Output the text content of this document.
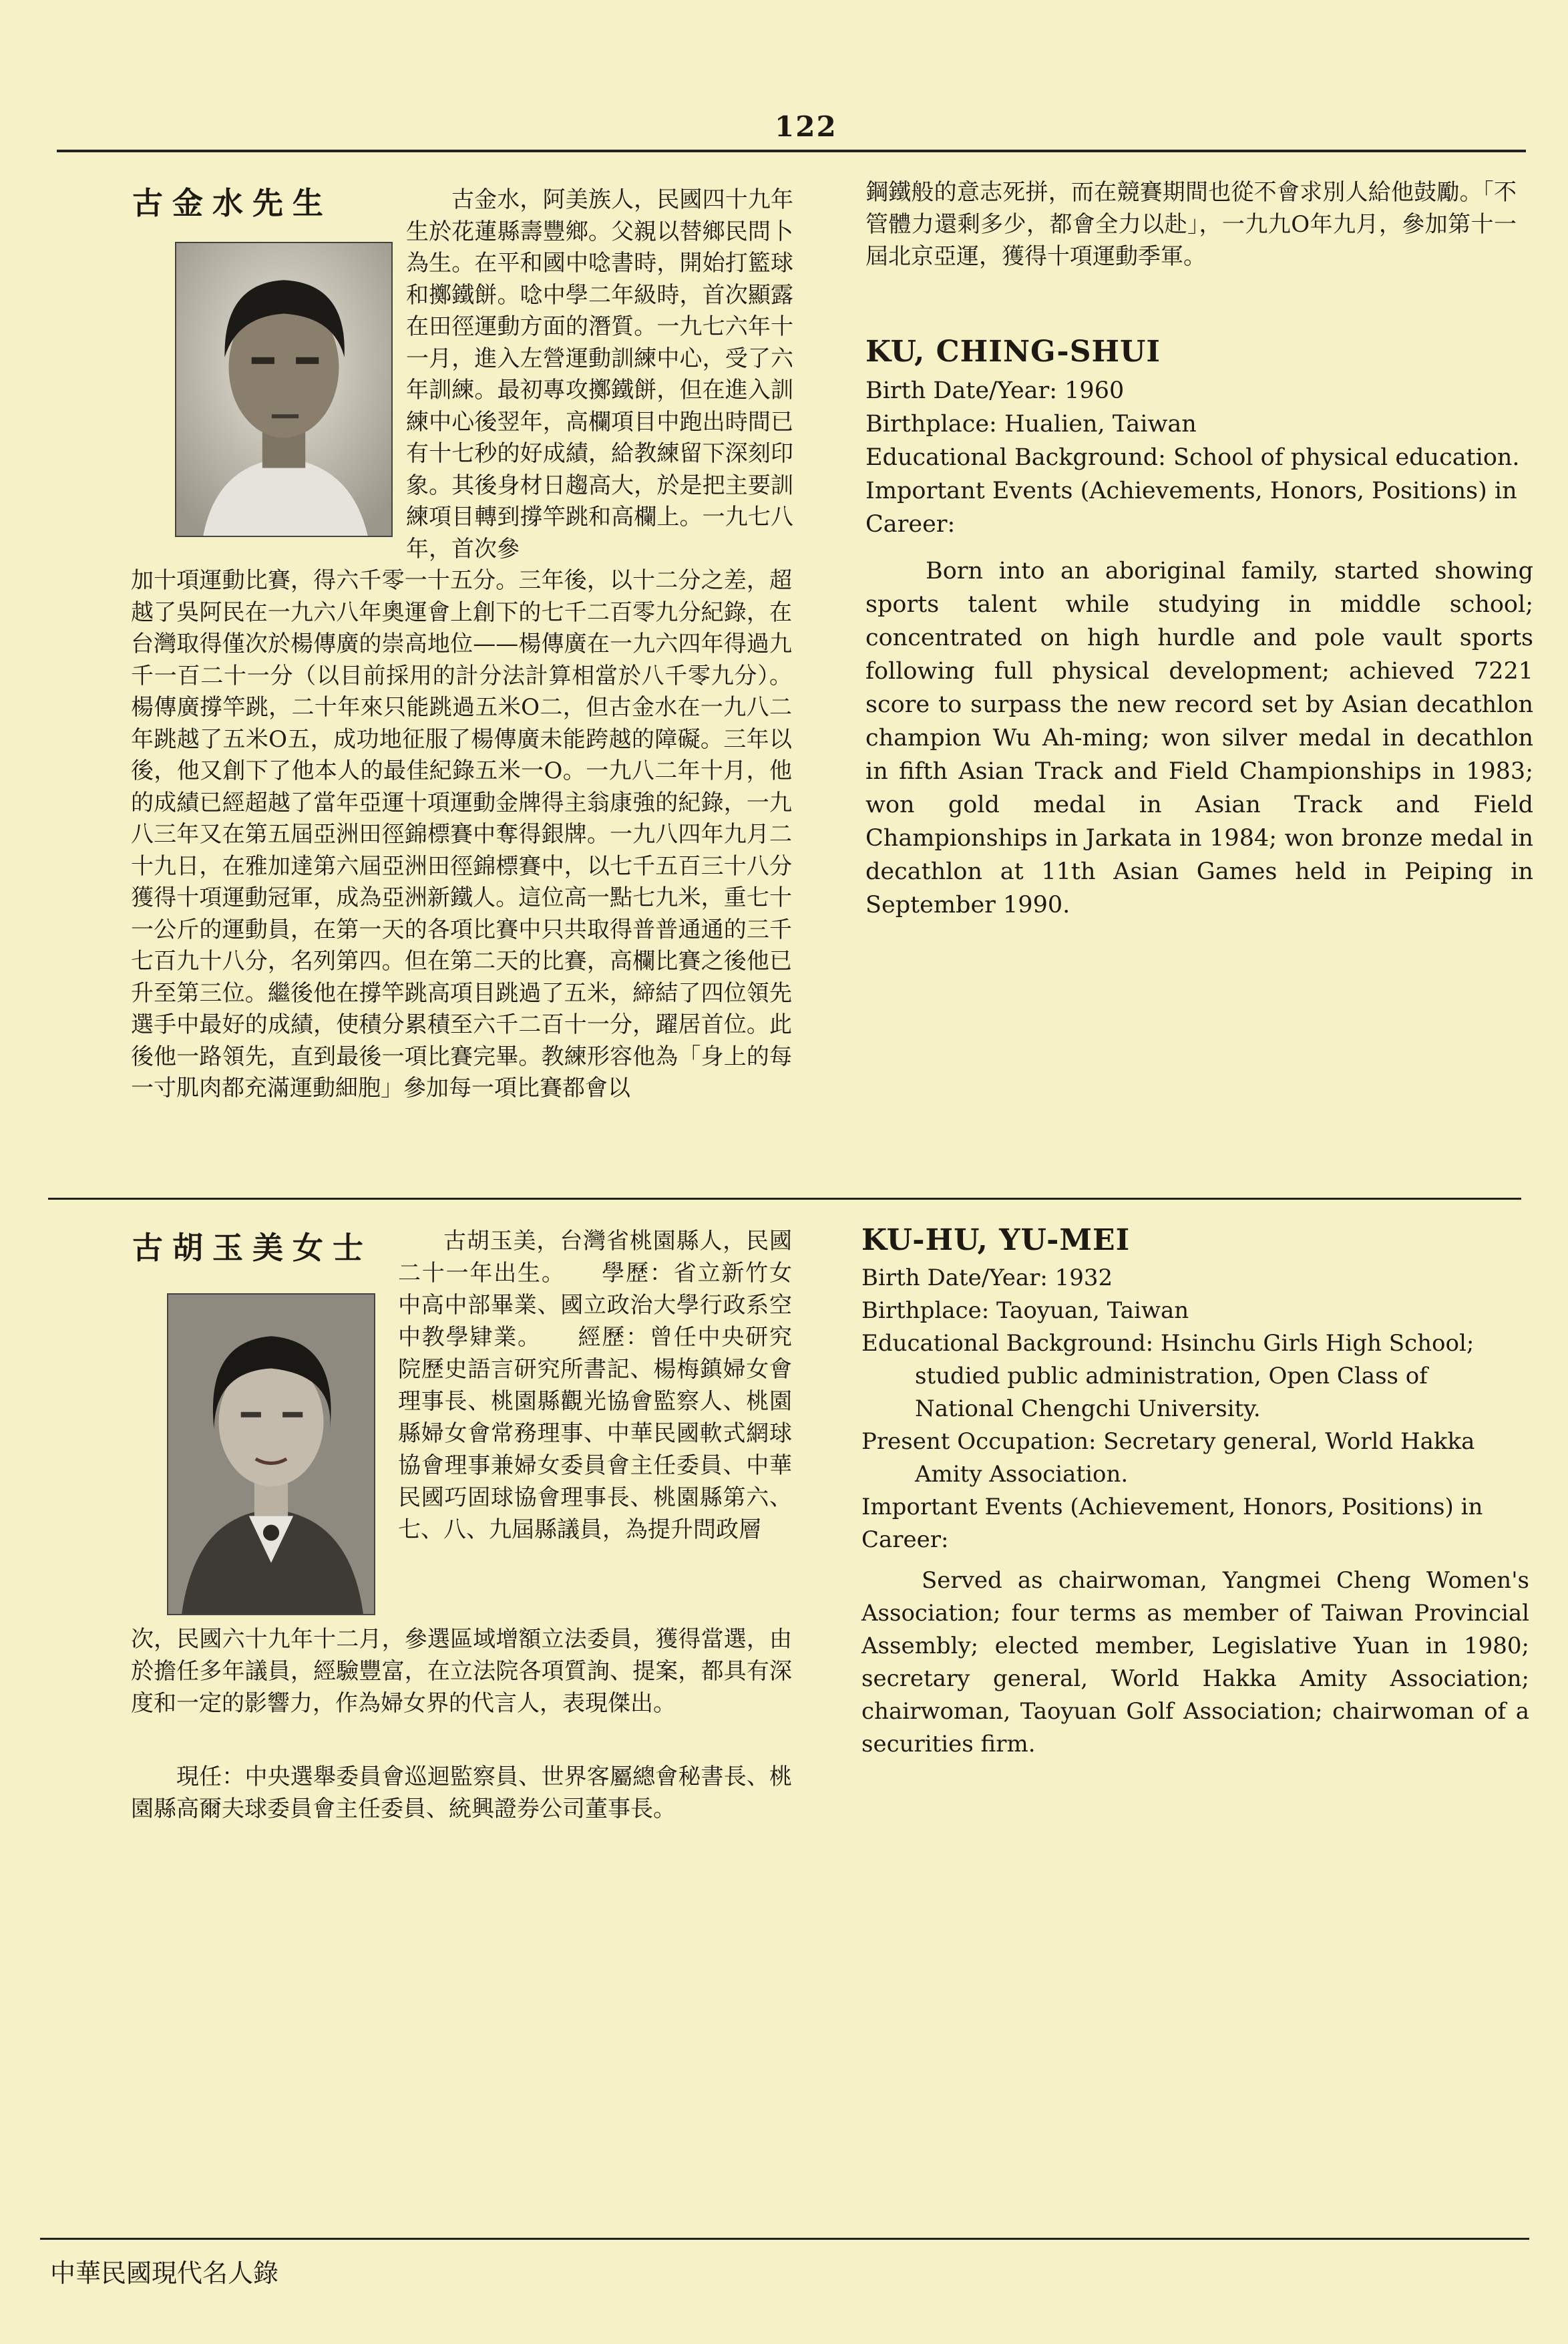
122
古金水先生	古金水，阿美族人，民國四十九年生於花蓮縣壽豐鄉。父親以替鄉民問卜為生。在平和國中唸書時，開始打籃球和擲鐵餅。唸中學二年級時，首次顯露在田徑運動方面的潛質。一九七六年十一月，進入左營運動訓練中心，受了六年訓練。最初專攻擲鐵餅，但在進入訓練中心後翌年，高欄項目中跑出時間已有十七秒的好成績，給教練留下深刻印象。其後身材日趨高大，於是把主要訓練項目轉到撐竿跳和高欄上。一九七八年，首次參

加十項運動比賽，得六千零一十五分。三年後，以十二分之差，超越了吳阿民在一九六八年奧運會上創下的七千二百零九分紀錄，在台灣取得僅次於楊傳廣的崇高地位——楊傳廣在一九六四年得過九千一百二十一分（以目前採用的計分法計算相當於八千零九分）。楊傳廣撐竿跳，二十年來只能跳過五米O二，但古金水在一九八二年跳越了五米O五，成功地征服了楊傳廣未能跨越的障礙。三年以後，他又創下了他本人的最佳紀錄五米一O。一九八二年十月，他的成績已經超越了當年亞運十項運動金牌得主翁康強的紀錄，一九八三年又在第五屆亞洲田徑錦標賽中奪得銀牌。一九八四年九月二十九日，在雅加達第六屆亞洲田徑錦標賽中，以七千五百三十八分獲得十項運動冠軍，成為亞洲新鐵人。這位高一點七九米，重七十一公斤的運動員，在第一天的各項比賽中只共取得普普通通的三千七百九十八分，名列第四。但在第二天的比賽，高欄比賽之後他已升至第三位。繼後他在撐竿跳高項目跳過了五米，締結了四位領先選手中最好的成績，使積分累積至六千二百十一分，躍居首位。此後他一路領先，直到最後一項比賽完畢。教練形容他為「身上的每一寸肌肉都充滿運動細胞」參加每一項比賽都會以

鋼鐵般的意志死拼，而在競賽期間也從不會求別人給他鼓勵。「不管體力還剩多少，都會全力以赴」，一九九O年九月，參加第十一屆北京亞運，獲得十項運動季軍。

KU, CHING-SHUI

Birth Date/Year: 1960

Birthplace: Hualien, Taiwan

Educational Background: School of physical education.

Important Events (Achievements, Honors, Positions) in Career:

Born into an aboriginal family, started showing sports talent while studying in middle school; concentrated on high hurdle and pole vault sports following full physical development; achieved 7221 score to surpass the new record set by Asian decathlon champion Wu Ah-ming; won silver medal in decathlon in fifth Asian Track and Field Championships in 1983; won gold medal in Asian Track and Field Championships in Jarkata in 1984; won bronze medal in decathlon at 11th Asian Games held in Peiping in September 1990.

古胡玉美女士	古胡玉美，台灣省桃園縣人，民國二十一年出生。　　學歷：省立新竹女中高中部畢業、國立政治大學行政系空中教學肄業。　　經歷：曾任中央研究院歷史語言研究所書記、楊梅鎮婦女會理事長、桃園縣觀光協會監察人、桃園縣婦女會常務理事、中華民國軟式網球協會理事兼婦女委員會主任委員、中華民國巧固球協會理事長、桃園縣第六、七、八、九屆縣議員，為提升問政層

次，民國六十九年十二月，參選區域增額立法委員，獲得當選，由於擔任多年議員，經驗豐富，在立法院各項質詢、提案，都具有深度和一定的影響力，作為婦女界的代言人，表現傑出。

現任：中央選舉委員會巡迴監察員、世界客屬總會秘書長、桃園縣高爾夫球委員會主任委員、統興證券公司董事長。

KU-HU, YU-MEI

Birth Date/Year: 1932

Birthplace: Taoyuan, Taiwan

Educational Background: Hsinchu Girls High School; studied public administration, Open Class of National Chengchi University.

Present Occupation: Secretary general, World Hakka Amity Association.

Important Events (Achievement, Honors, Positions) in Career:

Served as chairwoman, Yangmei Cheng Women's Association; four terms as member of Taiwan Provincial Assembly; elected member, Legislative Yuan in 1980; secretary general, World Hakka Amity Association; chairwoman, Taoyuan Golf Association; chairwoman of a securities firm.

中華民國現代名人錄
